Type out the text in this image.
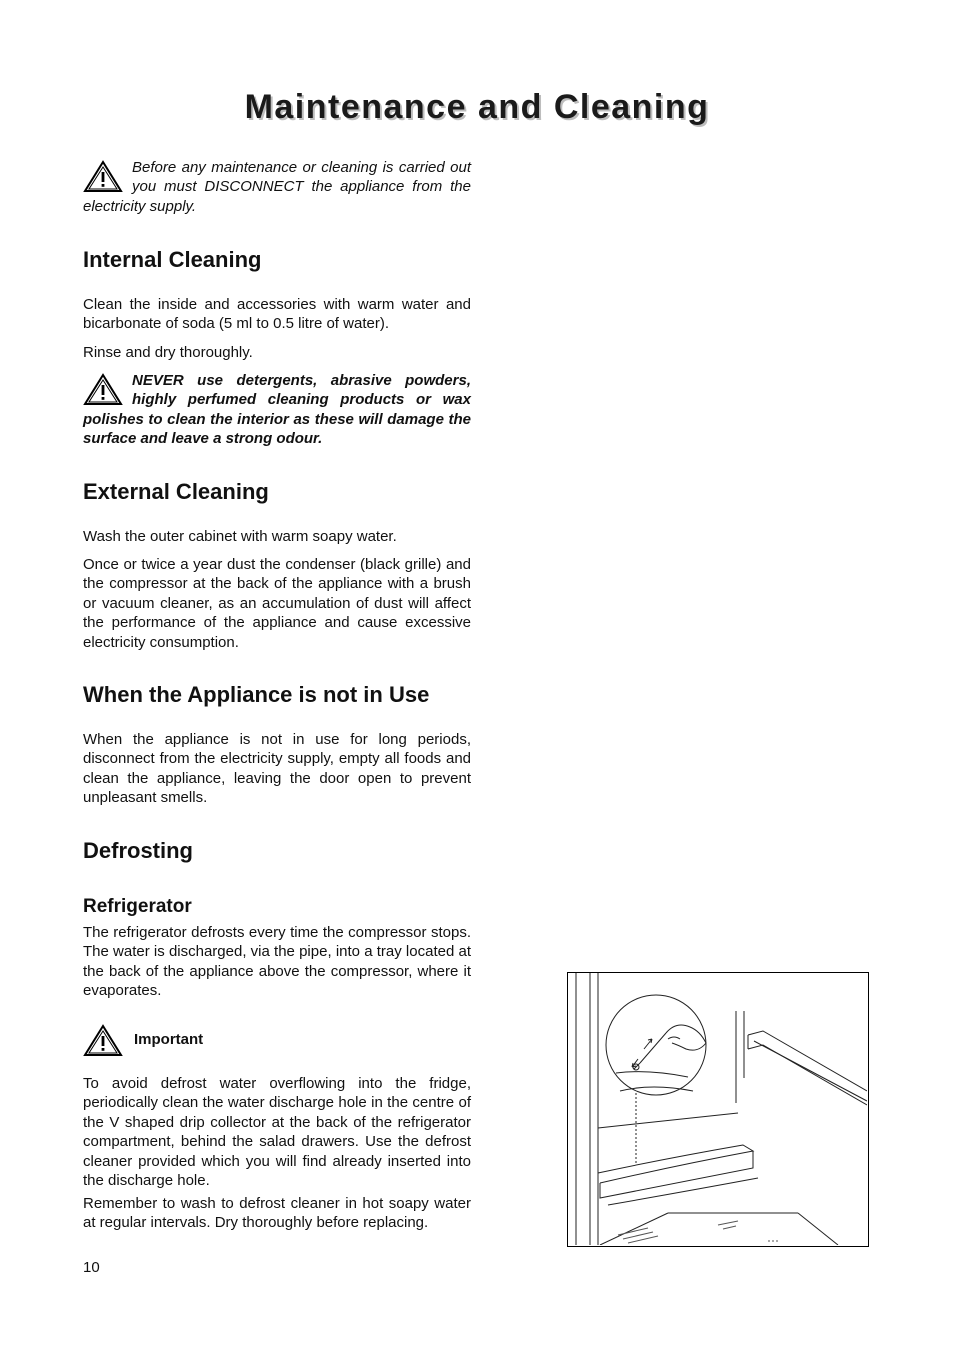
Maintenance and Cleaning

Before any maintenance or cleaning is carried out you must DISCONNECT the appliance from the electricity supply.

Internal Cleaning

Clean the inside and accessories with warm water and bicarbonate of soda (5 ml to 0.5 litre of water).

Rinse and dry thoroughly.

NEVER use detergents, abrasive powders, highly perfumed cleaning products or wax polishes to clean the interior as these will damage the surface and leave a strong odour.

External Cleaning

Wash the outer cabinet with warm soapy water.

Once or twice a year dust the condenser (black grille) and the compressor at the back of the appliance with a brush or vacuum cleaner, as an accumulation of dust will affect the performance of the appliance and cause excessive electricity consumption.

When the Appliance is not in Use

When the appliance is not in use for long periods, disconnect from the electricity supply, empty all foods and clean the appliance, leaving the door open to prevent unpleasant smells.

Defrosting
Refrigerator

The refrigerator defrosts every time the compressor stops. The water is discharged, via the pipe, into a tray located at the back of the appliance above the compressor, where it evaporates.

Important

To avoid defrost water overflowing into the fridge, periodically clean the water discharge hole in the centre of the V shaped drip collector at the back of the refrigerator compartment, behind the salad drawers. Use the defrost cleaner provided which you will find already inserted into the discharge hole.

Remember to wash to defrost cleaner in hot soapy water at regular intervals. Dry thoroughly before replacing.

10
